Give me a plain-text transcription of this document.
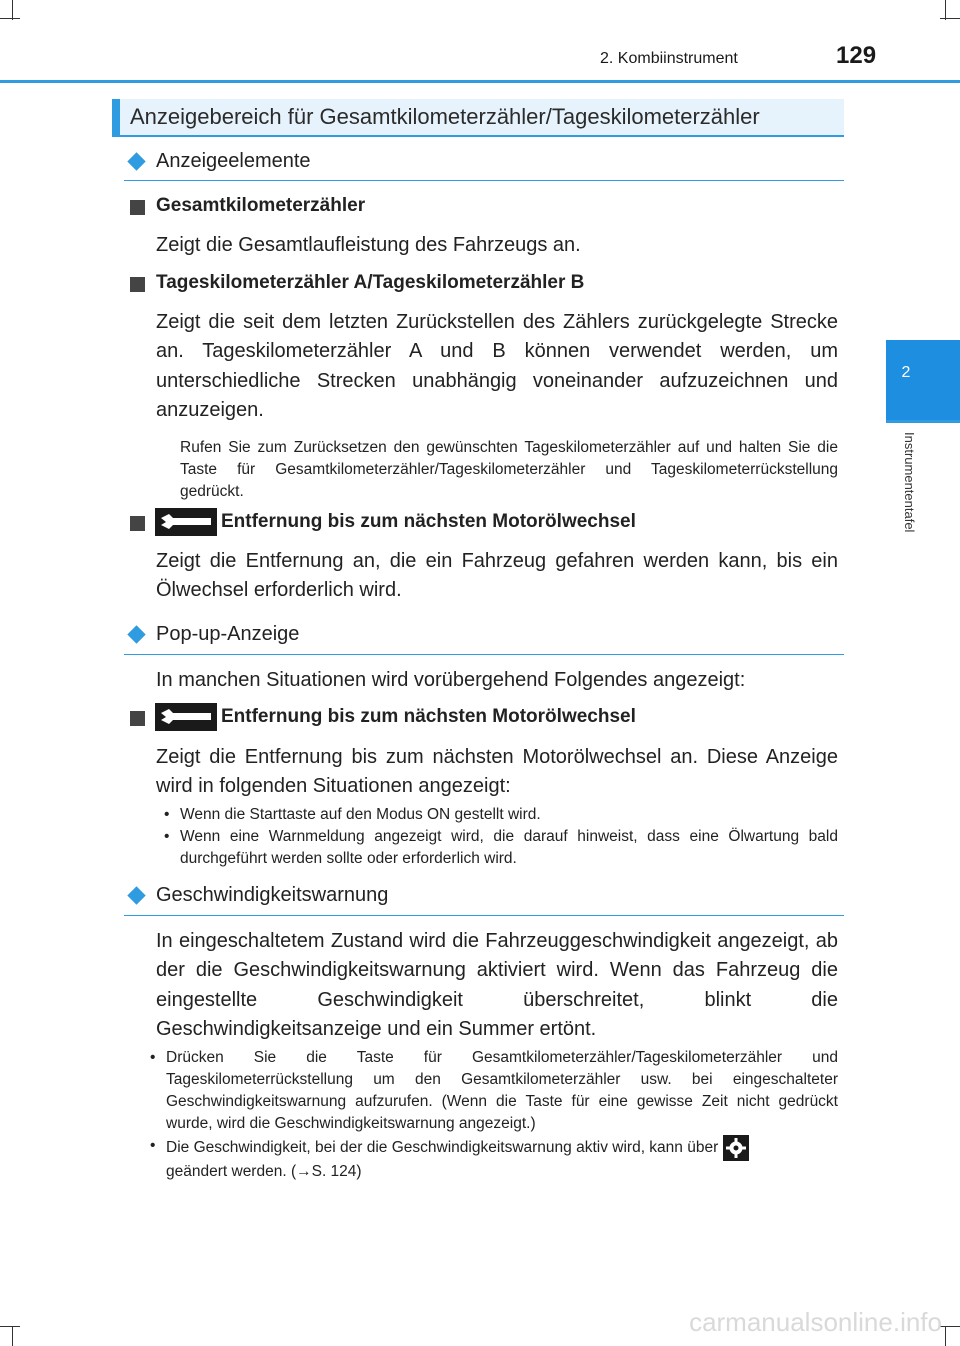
2. Kombiinstrument	129
2
Instrumententafel
Anzeigebereich für Gesamtkilometerzähler/Tageskilometerzähler
Anzeigeelemente
Gesamtkilometerzähler
Zeigt die Gesamtlaufleistung des Fahrzeugs an.
Tageskilometerzähler A/Tageskilometerzähler B
Zeigt die seit dem letzten Zurückstellen des Zählers zurückgelegte Strecke an. Tageskilometerzähler A und B können verwendet werden, um unterschiedliche Strecken unabhängig voneinander aufzuzeichnen und anzuzeigen.
Rufen Sie zum Zurücksetzen den gewünschten Tageskilometerzähler auf und halten Sie die Taste für Gesamtkilometerzähler/Tageskilometerzähler und Tageskilometerrückstellung gedrückt.
Entfernung bis zum nächsten Motorölwechsel
Zeigt die Entfernung an, die ein Fahrzeug gefahren werden kann, bis ein Ölwechsel erforderlich wird.
Pop-up-Anzeige
In manchen Situationen wird vorübergehend Folgendes angezeigt:
Entfernung bis zum nächsten Motorölwechsel
Zeigt die Entfernung bis zum nächsten Motorölwechsel an. Diese Anzeige wird in folgenden Situationen angezeigt:
• Wenn die Starttaste auf den Modus ON gestellt wird.
• Wenn eine Warnmeldung angezeigt wird, die darauf hinweist, dass eine Ölwartung bald durchgeführt werden sollte oder erforderlich wird.
Geschwindigkeitswarnung
In eingeschaltetem Zustand wird die Fahrzeuggeschwindigkeit angezeigt, ab der die Geschwindigkeitswarnung aktiviert wird. Wenn das Fahrzeug die eingestellte Geschwindigkeit überschreitet, blinkt die Geschwindigkeitsanzeige und ein Summer ertönt.
• Drücken Sie die Taste für Gesamtkilometerzähler/Tageskilometerzähler und Tageskilometerrückstellung um den Gesamtkilometerzähler usw. bei eingeschalteter Geschwindigkeitswarnung aufzurufen. (Wenn die Taste für eine gewisse Zeit nicht gedrückt wurde, wird die Geschwindigkeitswarnung angezeigt.)
• Die Geschwindigkeit, bei der die Geschwindigkeitswarnung aktiv wird, kann über
geändert werden. (→S. 124)
carmanualsonline.info
